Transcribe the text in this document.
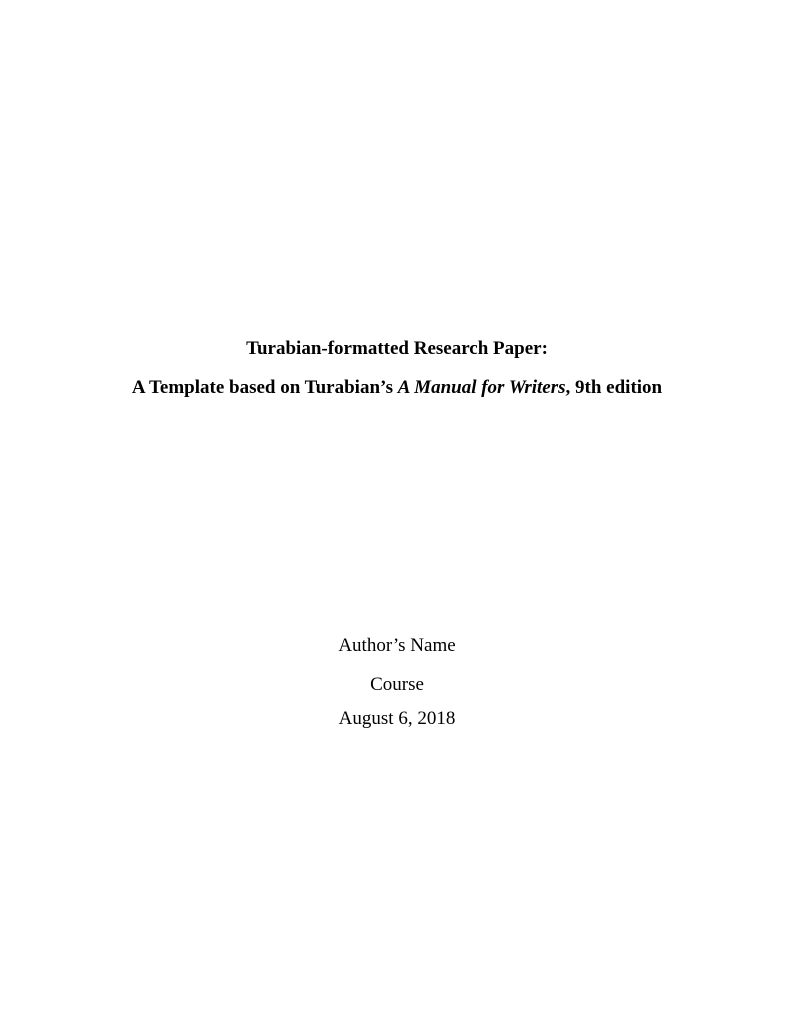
Turabian-formatted Research Paper:
A Template based on Turabian’s A Manual for Writers, 9th edition
Author’s Name
Course
August 6, 2018
